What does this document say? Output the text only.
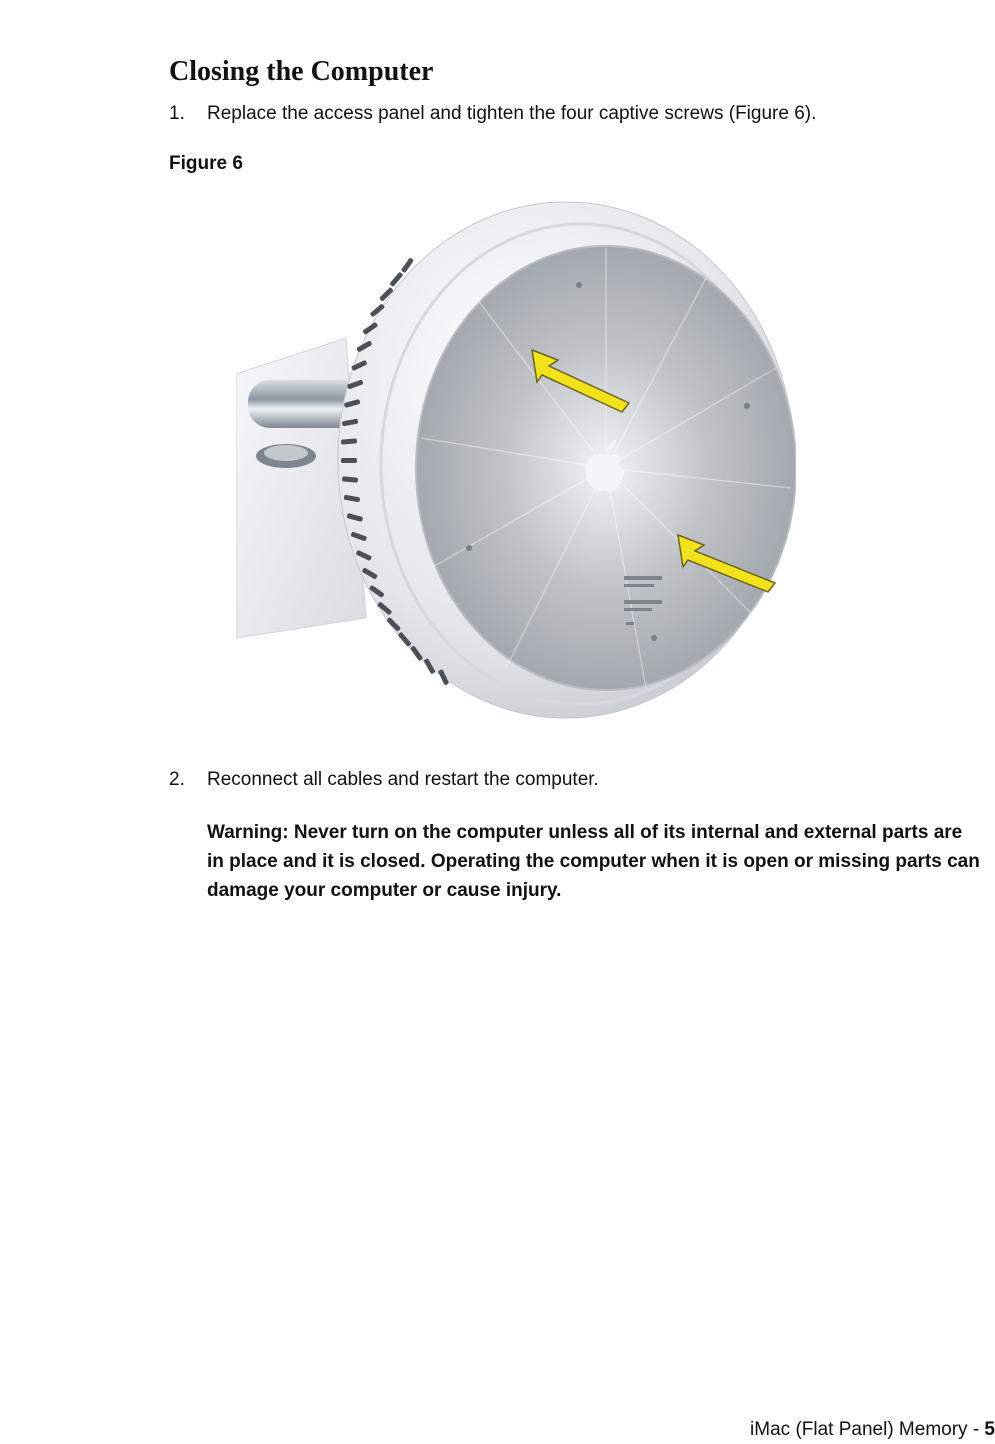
Closing the Computer
1.	Replace the access panel and tighten the four captive screws (Figure 6).
Figure 6
2.	Reconnect all cables and restart the computer.
Warning: Never turn on the computer unless all of its internal and external parts are in place and it is closed. Operating the computer when it is open or missing parts can damage your computer or cause injury.
iMac (Flat Panel) Memory - 5
